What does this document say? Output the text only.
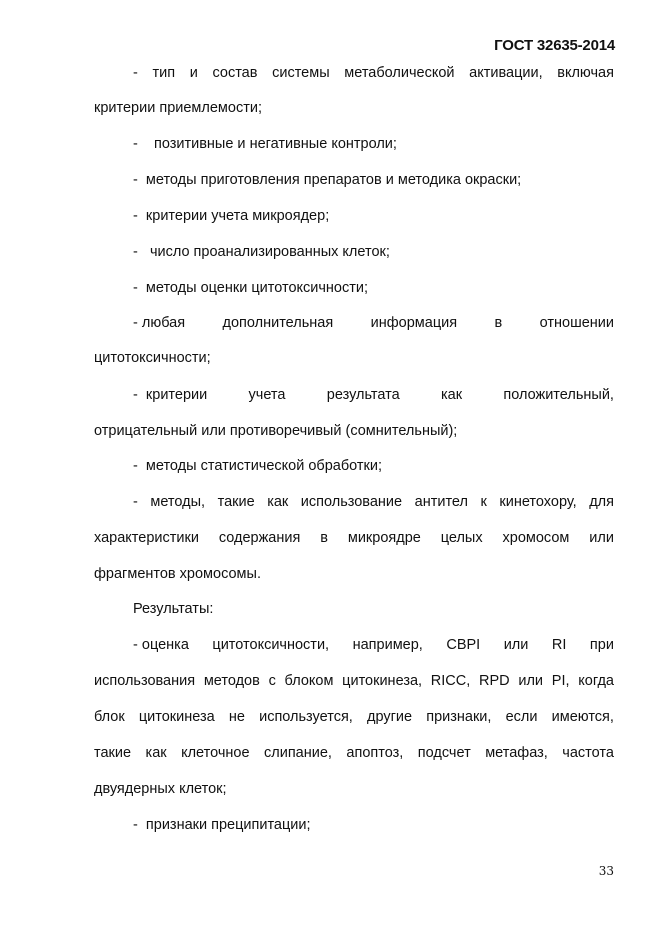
ГОСТ 32635-2014
- тип и состав системы метаболической активации, включая
критерии приемлемости;
- позитивные и негативные контроли;
- методы приготовления препаратов и методика окраски;
- критерии учета микроядер;
- число проанализированных клеток;
- методы оценки цитотоксичности;
- любая	дополнительная	информация	в	отношении
цитотоксичности;
- критерии	учета	результата	как	положительный,
отрицательный или противоречивый (сомнительный);
- методы статистической обработки;
- методы, такие как использование антител к кинетохору, для
характеристики содержания в микроядре целых хромосом или
фрагментов хромосомы.
Результаты:
- оценка цитотоксичности, например, CBPI или RI при
использования методов с блоком цитокинеза, RICC, RPD или PI, когда
блок цитокинеза не используется, другие признаки, если имеются,
такие как клеточное слипание, апоптоз, подсчет метафаз, частота
двуядерных клеток;
- признаки преципитации;
33
